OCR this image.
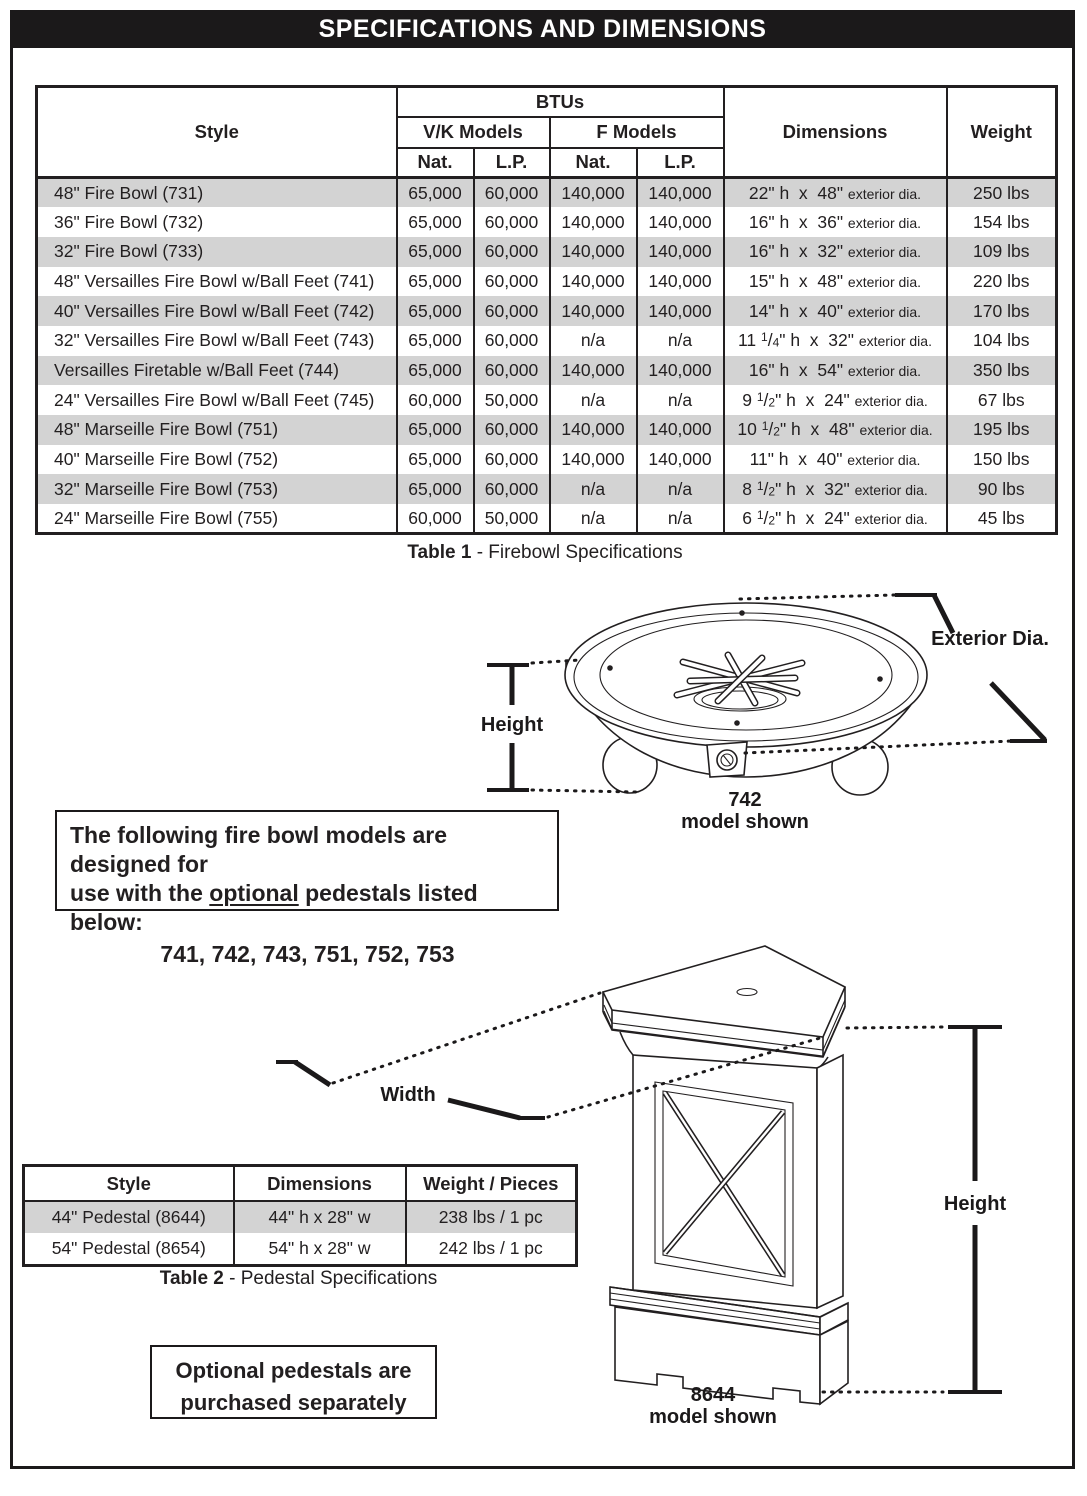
SPECIFICATIONS AND DIMENSIONS
Style	BTUs				Dimensions	Weight
	V/K Models		F Models			
	Nat.	L.P.	Nat.	L.P.		
48" Fire Bowl (731)	65,000	60,000	140,000	140,000	22" h  x  48" exterior dia.	250 lbs
36" Fire Bowl (732)	65,000	60,000	140,000	140,000	16" h  x  36" exterior dia.	154 lbs
32" Fire Bowl (733)	65,000	60,000	140,000	140,000	16" h  x  32" exterior dia.	109 lbs
48" Versailles Fire Bowl w/Ball Feet (741)	65,000	60,000	140,000	140,000	15" h  x  48" exterior dia.	220 lbs
40" Versailles Fire Bowl w/Ball Feet (742)	65,000	60,000	140,000	140,000	14" h  x  40" exterior dia.	170 lbs
32" Versailles Fire Bowl w/Ball Feet (743)	65,000	60,000	n/a	n/a	11 $^1$/4" h  x  32" exterior dia.	104 lbs
Versailles Firetable w/Ball Feet (744)	65,000	60,000	140,000	140,000	16" h  x  54" exterior dia.	350 lbs
24" Versailles Fire Bowl w/Ball Feet (745)	60,000	50,000	n/a	n/a	9 $^1$/2" h  x  24" exterior dia.	67 lbs
48" Marseille Fire Bowl (751)	65,000	60,000	140,000	140,000	10 $^1$/2" h  x  48" exterior dia.	195 lbs
40" Marseille Fire Bowl (752)	65,000	60,000	140,000	140,000	11" h  x  40" exterior dia.	150 lbs
32" Marseille Fire Bowl (753)	65,000	60,000	n/a	n/a	8 $^1$/2" h  x  32" exterior dia.	90 lbs
24" Marseille Fire Bowl (755)	60,000	50,000	n/a	n/a	6 $^1$/2" h  x  24" exterior dia.	45 lbs
Table 1 - Firebowl Specifications
Height
Exterior Dia.
742
model shown
The following fire bowl models are designed for
use with the optional pedestals listed below:
741, 742, 743, 751, 752, 753
Width
Height
8644
model shown
Style	Dimensions	Weight / Pieces
44" Pedestal (8644)	44" h x 28" w	238 lbs / 1 pc
54" Pedestal (8654)	54" h x 28" w	242 lbs / 1 pc
Table 2 - Pedestal Specifications
Optional pedestals are
purchased separately
